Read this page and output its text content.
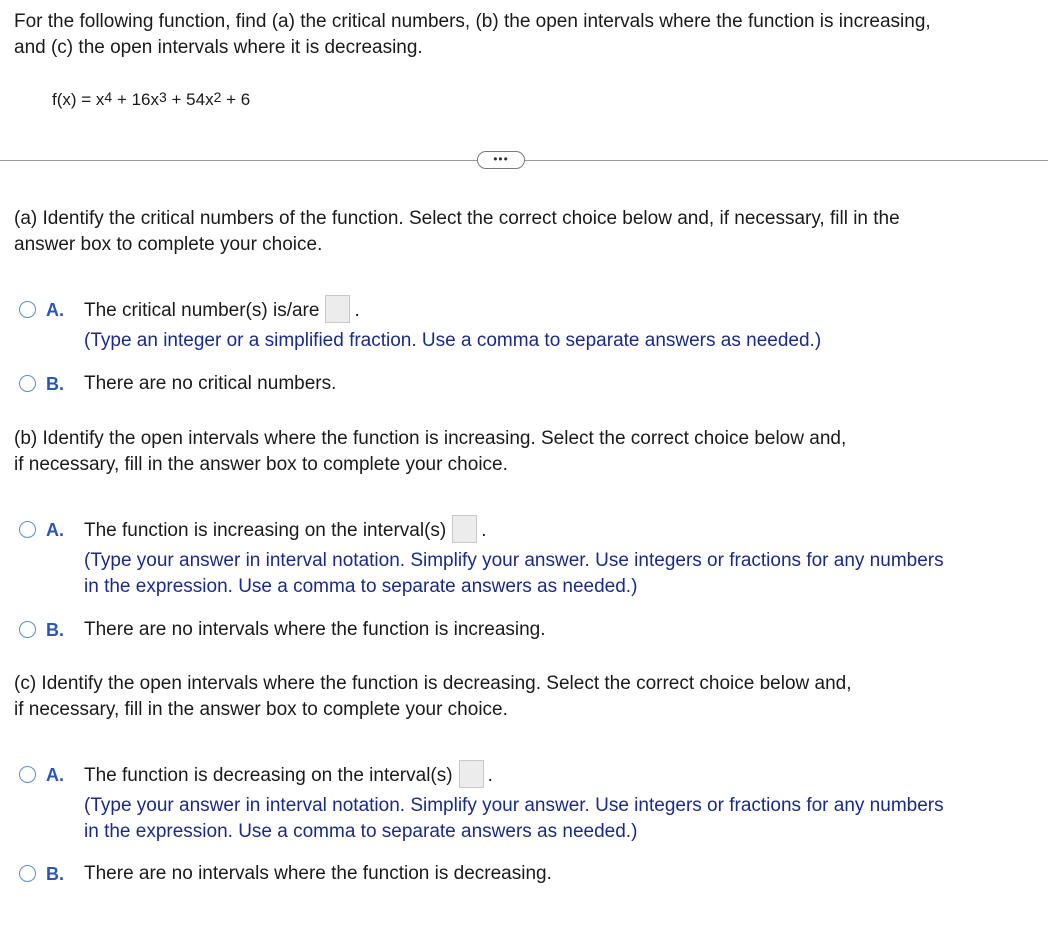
For the following function, find (a) the critical numbers, (b) the open intervals where the function is increasing,
and (c) the open intervals where it is decreasing.
$f(x) = x^4 + 16x^3 + 54x^2 + 6$
•••
(a) Identify the critical numbers of the function. Select the correct choice below and, if necessary, fill in the
answer box to complete your choice.
A. The critical number(s) is/are .
(Type an integer or a simplified fraction. Use a comma to separate answers as needed.)
B. There are no critical numbers.
(b) Identify the open intervals where the function is increasing. Select the correct choice below and,
if necessary, fill in the answer box to complete your choice.
A. The function is increasing on the interval(s) .
(Type your answer in interval notation. Simplify your answer. Use integers or fractions for any numbers
in the expression. Use a comma to separate answers as needed.)
B. There are no intervals where the function is increasing.
(c) Identify the open intervals where the function is decreasing. Select the correct choice below and,
if necessary, fill in the answer box to complete your choice.
A. The function is decreasing on the interval(s) .
(Type your answer in interval notation. Simplify your answer. Use integers or fractions for any numbers
in the expression. Use a comma to separate answers as needed.)
B. There are no intervals where the function is decreasing.
